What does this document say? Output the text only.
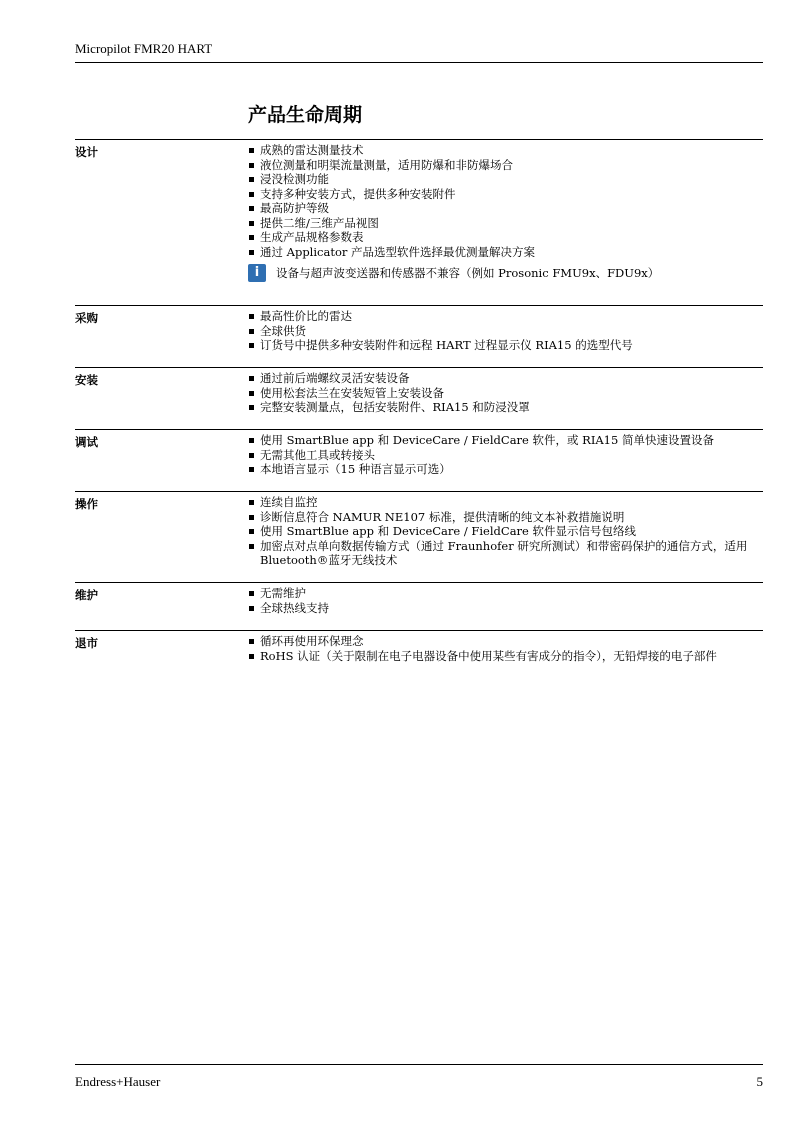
Micropilot FMR20 HART
产品生命周期
设计	成熟的雷达测量技术
液位测量和明渠流量测量，适用防爆和非防爆场合
浸没检测功能
支持多种安装方式，提供多种安装附件
最高防护等级
提供二维/三维产品视图
生成产品规格参数表
通过 Applicator 产品选型软件选择最优测量解决方案
i	设备与超声波变送器和传感器不兼容（例如 Prosonic FMU9x、FDU9x）
采购	最高性价比的雷达
全球供货
订货号中提供多种安装附件和远程 HART 过程显示仪 RIA15 的选型代号
安装	通过前后端螺纹灵活安装设备
使用松套法兰在安装短管上安装设备
完整安装测量点，包括安装附件、RIA15 和防浸没罩
调试	使用 SmartBlue app 和 DeviceCare / FieldCare 软件，或 RIA15 简单快速设置设备
无需其他工具或转接头
本地语言显示（15 种语言显示可选）
操作	连续自监控
诊断信息符合 NAMUR NE107 标准，提供清晰的纯文本补救措施说明
使用 SmartBlue app 和 DeviceCare / FieldCare 软件显示信号包络线
加密点对点单向数据传输方式（通过 Fraunhofer 研究所测试）和带密码保护的通信方式，适用 Bluetooth®蓝牙无线技术
维护	无需维护
全球热线支持
退市	循环再使用环保理念
RoHS 认证（关于限制在电子电器设备中使用某些有害成分的指令），无铅焊接的电子部件
Endress+Hauser	5
